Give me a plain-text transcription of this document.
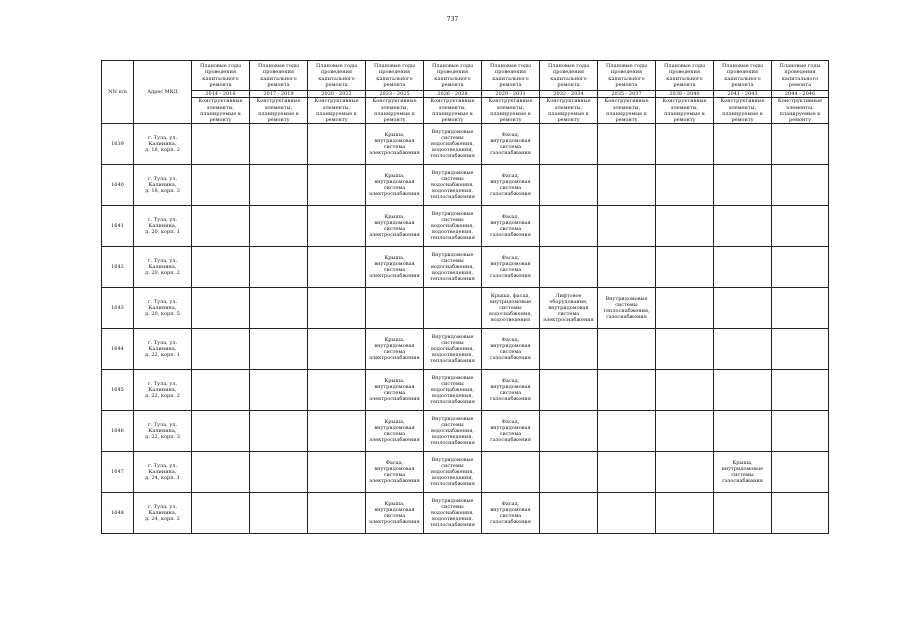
737
NN п/п	Адрес МКД	Плановые годы
проведения
капитального
ремонта	Плановые годы
проведения
капитального
ремонта	Плановые годы
проведения
капитального
ремонта	Плановые годы
проведения
капитального
ремонта	Плановые годы
проведения
капитального
ремонта	Плановые годы
проведения
капитального
ремонта	Плановые годы
проведения
капитального
ремонта	Плановые годы
проведения
капитального
ремонта	Плановые годы
проведения
капитального
ремонта	Плановые годы
проведения
капитального
ремонта	Плановые годы
проведения
капитального
ремонта
		2014 - 2016	2017 - 2019	2020 - 2022	2023 - 2025	2026 - 2028	2029 - 2031	2032 - 2034	2035 - 2037	2038 - 2040	2041 - 2043	2044 - 2046
		Конструктивные
элементы,
планируемые к
ремонту	Конструктивные
элементы,
планируемые к
ремонту	Конструктивные
элементы,
планируемые к
ремонту	Конструктивные
элементы,
планируемые к
ремонту	Конструктивные
элементы,
планируемые к
ремонту	Конструктивные
элементы,
планируемые к
ремонту	Конструктивные
элементы,
планируемые к
ремонту	Конструктивные
элементы,
планируемые к
ремонту	Конструктивные
элементы,
планируемые к
ремонту	Конструктивные
элементы,
планируемые к
ремонту	Конструктивные
элементы,
планируемые к
ремонту
1639	г. Тула, ул. Калинина,
д. 18, корп. 2				Крыша,
внутридомовая
система
электроснабжения	Внутридомовые
системы
водоснабжения,
водоотведения,
теплоснабжения	Фасад,
внутридомовая
система
газоснабжения					
1640	г. Тула, ул. Калинина,
д. 18, корп. 3				Крыша,
внутридомовая
система
электроснабжения	Внутридомовые
системы
водоснабжения,
водоотведения,
теплоснабжения	Фасад,
внутридомовая
система
газоснабжения					
1641	г. Тула, ул. Калинина,
д. 20, корп. 1				Крыша,
внутридомовая
система
электроснабжения	Внутридомовые
системы
водоснабжения,
водоотведения,
теплоснабжения	Фасад,
внутридомовая
система
газоснабжения					
1642	г. Тула, ул. Калинина,
д. 20, корп. 2				Крыша,
внутридомовая
система
электроснабжения	Внутридомовые
системы
водоснабжения,
водоотведения,
теплоснабжения	Фасад,
внутридомовая
система
газоснабжения					
1643	г. Тула, ул. Калинина,
д. 20, корп. 5						Крыша, фасад,
внутридомовые
системы
водоснабжения,
водоотведения	Лифтовое
оборудование,
внутридомовая
система
электроснабжения	Внутридомовые
системы
теплоснабжения,
газоснабжения			
1644	г. Тула, ул. Калинина,
д. 22, корп. 1				Крыша,
внутридомовая
система
электроснабжения	Внутридомовые
системы
водоснабжения,
водоотведения,
теплоснабжения	Фасад,
внутридомовая
система
газоснабжения					
1645	г. Тула, ул. Калинина,
д. 22, корп. 2				Крыша,
внутридомовая
система
электроснабжения	Внутридомовые
системы
водоснабжения,
водоотведения,
теплоснабжения	Фасад,
внутридомовая
система
газоснабжения					
1646	г. Тула, ул. Калинина,
д. 22, корп. 3				Крыша,
внутридомовая
система
электроснабжения	Внутридомовые
системы
водоснабжения,
водоотведения,
теплоснабжения	Фасад,
внутридомовая
система
газоснабжения					
1647	г. Тула, ул. Калинина,
д. 24, корп. 1				Фасад,
внутридомовая
система
электроснабжения	Внутридомовые
системы
водоснабжения,
водоотведения,
теплоснабжения					Крыша,
внутридомовые
системы
газоснабжения	
1648	г. Тула, ул. Калинина,
д. 24, корп. 2				Крыша,
внутридомовая
система
электроснабжения	Внутридомовые
системы
водоснабжения,
водоотведения,
теплоснабжения	Фасад,
внутридомовая
система
газоснабжения					
